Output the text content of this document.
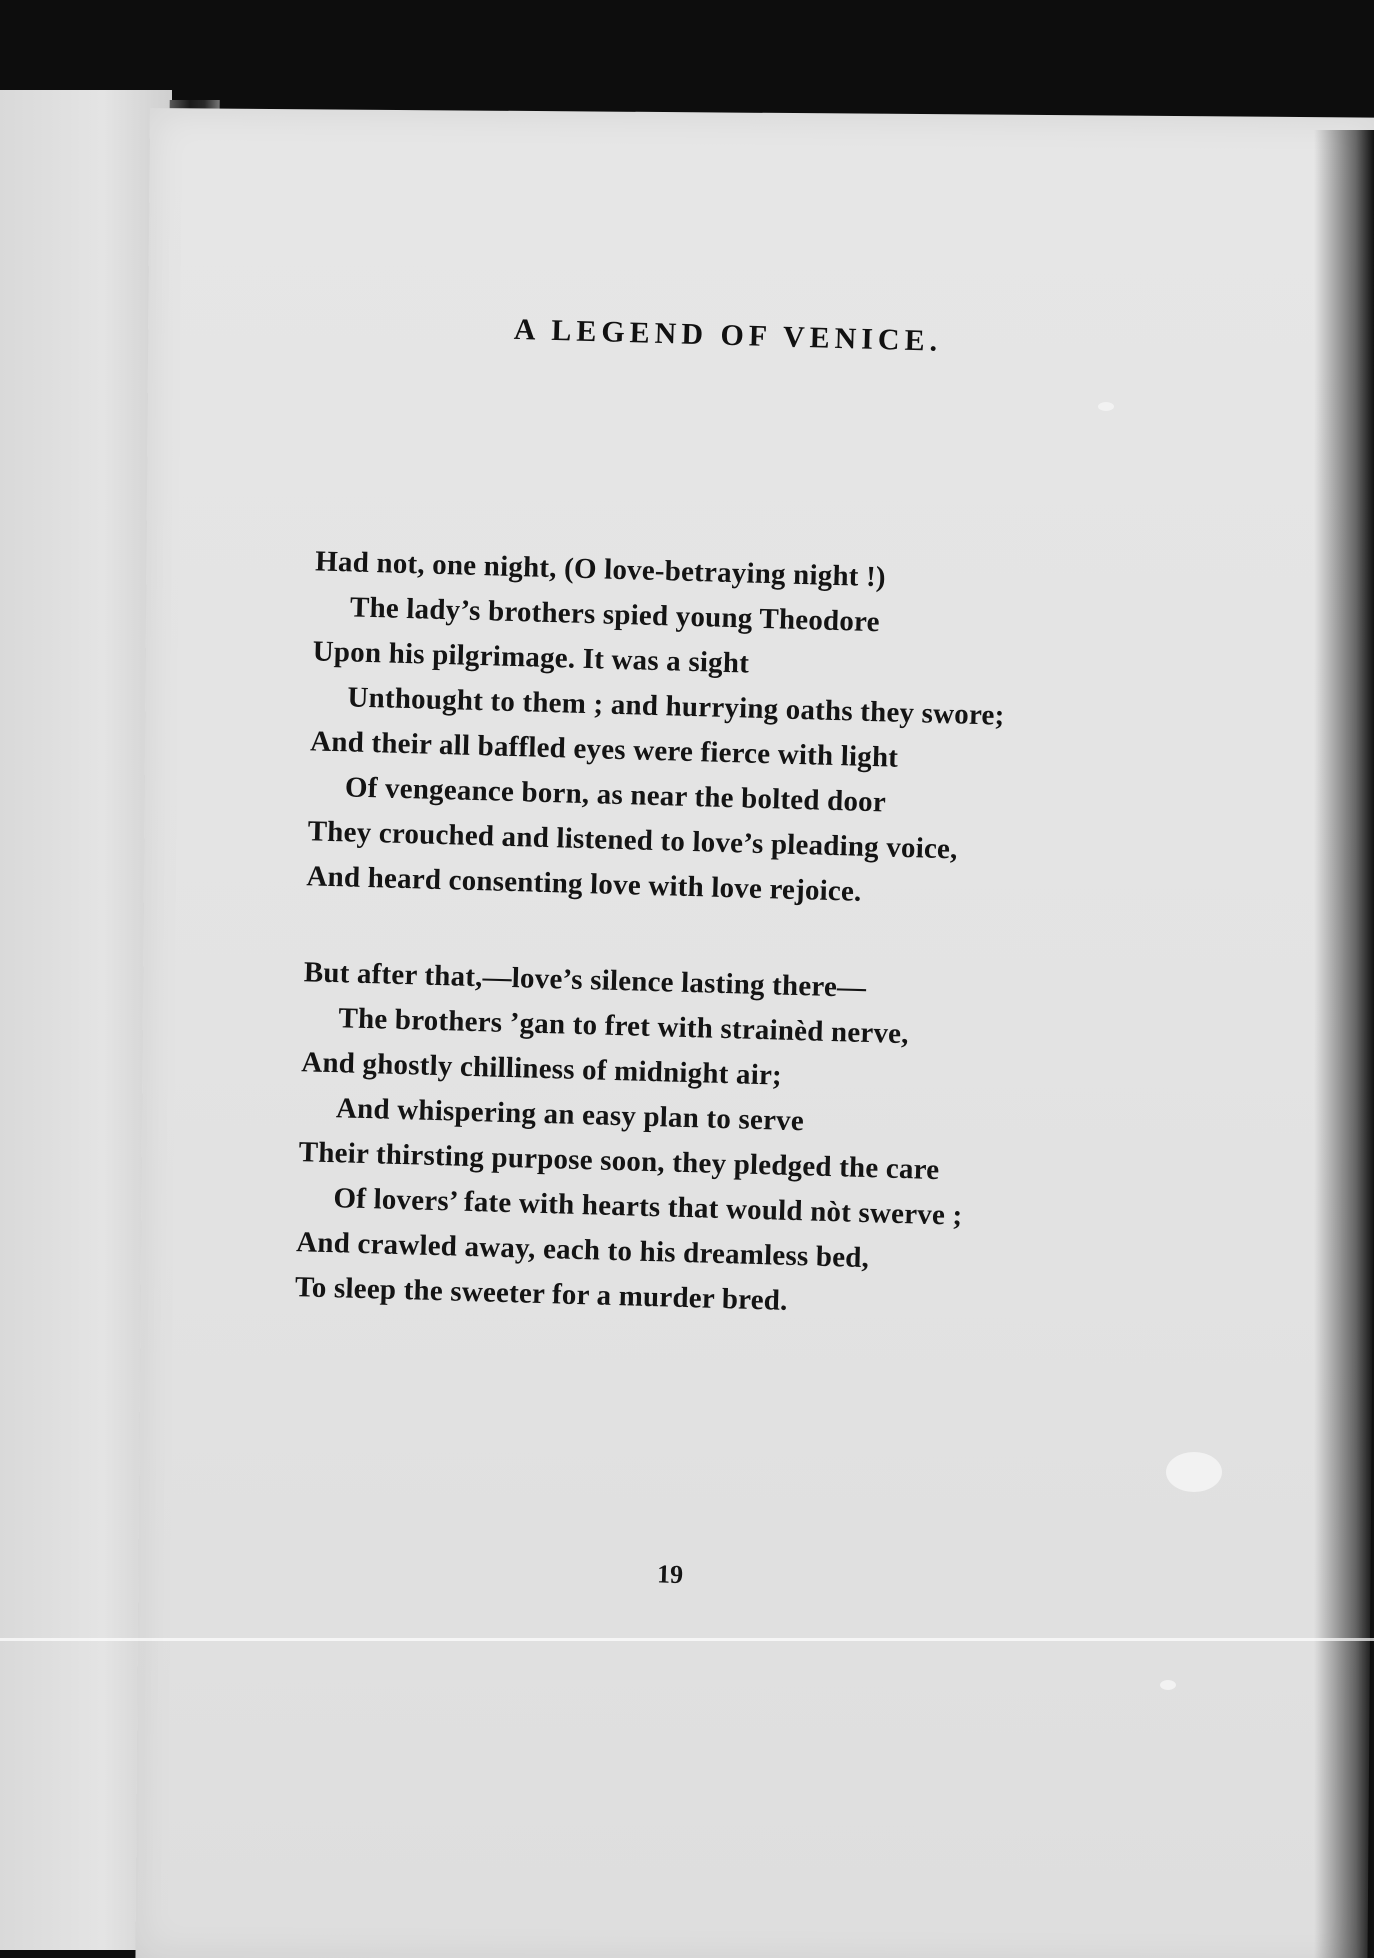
A LEGEND OF VENICE.
Had not, one night, (O love-betraying night !)
The lady’s brothers spied young Theodore
Upon his pilgrimage. It was a sight
Unthought to them ; and hurrying oaths they swore;
And their all baffled eyes were fierce with light
Of vengeance born, as near the bolted door
They crouched and listened to love’s pleading voice,
And heard consenting love with love rejoice.
But after that,—love’s silence lasting there—
The brothers ’gan to fret with strainèd nerve,
And ghostly chilliness of midnight air;
And whispering an easy plan to serve
Their thirsting purpose soon, they pledged the care
Of lovers’ fate with hearts that would nòt swerve ;
And crawled away, each to his dreamless bed,
To sleep the sweeter for a murder bred.
19
